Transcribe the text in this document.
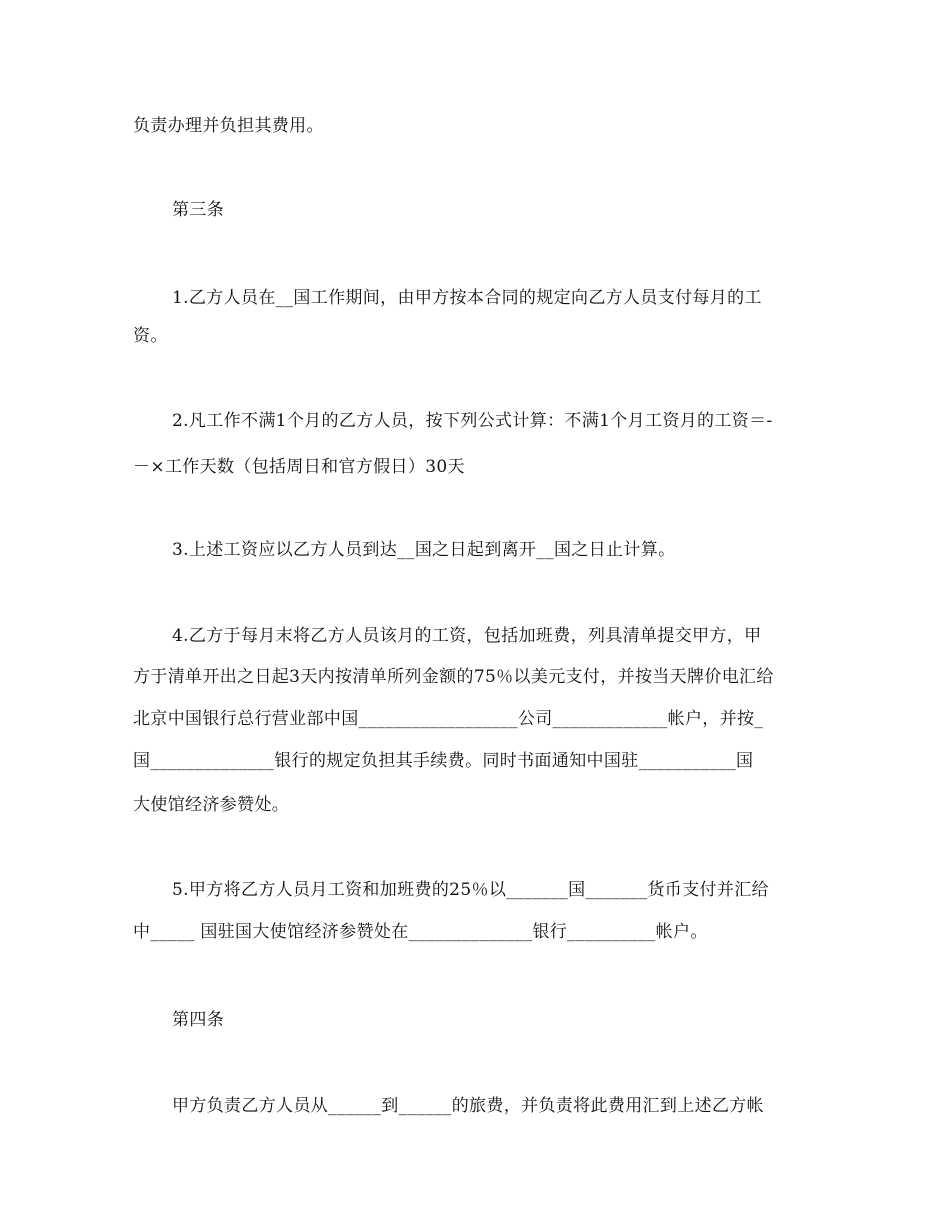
负责办理并负担其费用。
第三条
1.乙方人员在__国工作期间，由甲方按本合同的规定向乙方人员支付每月的工
资。
2.凡工作不满1个月的乙方人员，按下列公式计算：不满1个月工资月的工资＝-
－×工作天数（包括周日和官方假日）30天
3.上述工资应以乙方人员到达__国之日起到离开__国之日止计算。
4.乙方于每月末将乙方人员该月的工资，包括加班费，列具清单提交甲方，甲
方于清单开出之日起3天内按清单所列金额的75％以美元支付，并按当天牌价电汇给
北京中国银行总行营业部中国__________________公司_____________帐户，并按_
国______________银行的规定负担其手续费。同时书面通知中国驻___________国
大使馆经济参赞处。
5.甲方将乙方人员月工资和加班费的25％以_______国_______货币支付并汇给
中_____ 国驻国大使馆经济参赞处在______________银行__________帐户。
第四条
甲方负责乙方人员从______到______的旅费，并负责将此费用汇到上述乙方帐
